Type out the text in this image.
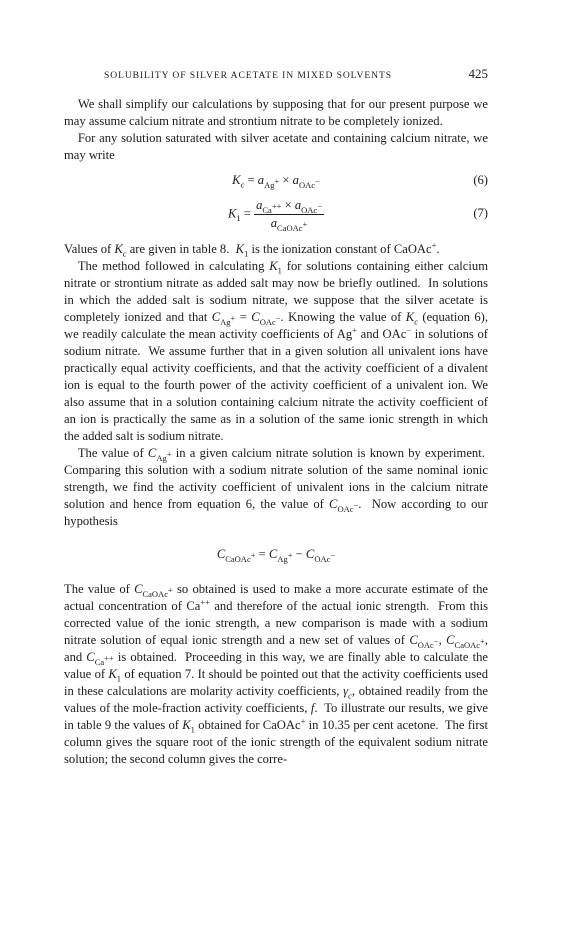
SOLUBILITY OF SILVER ACETATE IN MIXED SOLVENTS	425

We shall simplify our calculations by supposing that for our present purpose we may assume calcium nitrate and strontium nitrate to be completely ionized.

For any solution saturated with silver acetate and containing calcium nitrate, we may write

$K_c = a_{Ag^+} \times a_{OAc^-}$	(6)
$K_1 = \frac{a_{Ca^{++}} \times a_{OAc^-}}{a_{CaOAc^+}}$	(7)

Values of $K_c$ are given in table 8.  $K_1$ is the ionization constant of CaOAc+.

The method followed in calculating $K_1$ for solutions containing either calcium nitrate or strontium nitrate as added salt may now be briefly outlined.  In solutions in which the added salt is sodium nitrate, we suppose that the silver acetate is completely ionized and that $C_{Ag^+} = C_{OAc^-}$. Knowing the value of $K_c$ (equation 6), we readily calculate the mean activity coefficients of Ag+ and OAc− in solutions of sodium nitrate.  We assume further that in a given solution all univalent ions have practically equal activity coefficients, and that the activity coefficient of a divalent ion is equal to the fourth power of the activity coefficient of a univalent ion. We also assume that in a solution containing calcium nitrate the activity coefficient of an ion is practically the same as in a solution of the same ionic strength in which the added salt is sodium nitrate.

The value of $C_{Ag^+}$ in a given calcium nitrate solution is known by experiment.  Comparing this solution with a sodium nitrate solution of the same nominal ionic strength, we find the activity coefficient of univalent ions in the calcium nitrate solution and hence from equation 6, the value of $C_{OAc^-}$.  Now according to our hypothesis

$C_{CaOAc^+} = C_{Ag^+} - C_{OAc^-}$

The value of $C_{CaOAc^+}$ so obtained is used to make a more accurate estimate of the actual concentration of Ca++ and therefore of the actual ionic strength.  From this corrected value of the ionic strength, a new comparison is made with a sodium nitrate solution of equal ionic strength and a new set of values of $C_{OAc^-}$, $C_{CaOAc^+}$, and $C_{Ca^{++}}$ is obtained.  Proceeding in this way, we are finally able to calculate the value of $K_1$ of equation 7. It should be pointed out that the activity coefficients used in these calculations are molarity activity coefficients, $\gamma_c$, obtained readily from the values of the mole-fraction activity coefficients, f.  To illustrate our results, we give in table 9 the values of $K_1$ obtained for CaOAc+ in 10.35 per cent acetone.  The first column gives the square root of the ionic strength of the equivalent sodium nitrate solution; the second column gives the corre-
